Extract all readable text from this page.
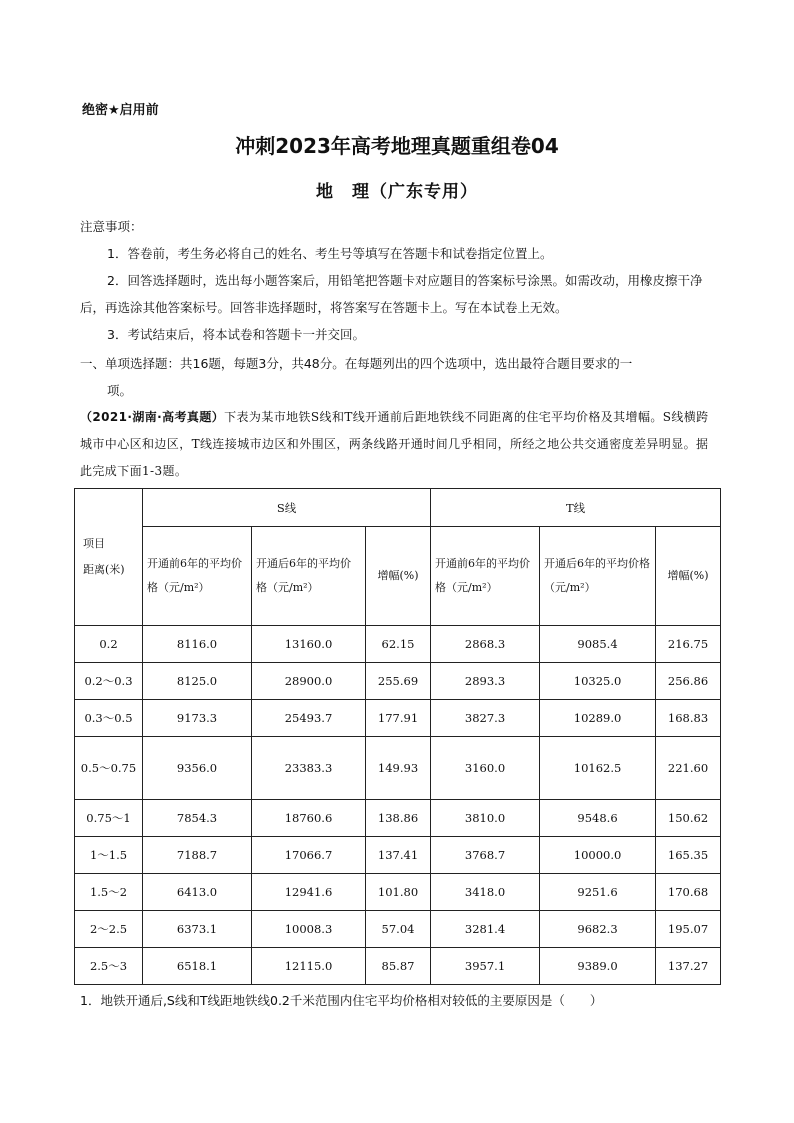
绝密★启用前
冲刺2023年高考地理真题重组卷04
地　理（广东专用）
注意事项：

1．答卷前，考生务必将自己的姓名、考生号等填写在答题卡和试卷指定位置上。

2．回答选择题时，选出每小题答案后，用铅笔把答题卡对应题目的答案标号涂黑。如需改动，用橡皮擦干净后，再选涂其他答案标号。回答非选择题时，将答案写在答题卡上。写在本试卷上无效。

3．考试结束后，将本试卷和答题卡一并交回。

一、单项选择题：共16题，每题3分，共48分。在每题列出的四个选项中，选出最符合题目要求的一
项。
（2021·湖南·高考真题）下表为某市地铁S线和T线开通前后距地铁线不同距离的住宅平均价格及其增幅。S线横跨城市中心区和边区，T线连接城市边区和外围区，两条线路开通时间几乎相同，所经之地公共交通密度差异明显。据此完成下面1-3题。
项目
距离(米)	S线			T线		
	开通前6年的平均价格（元/m²）	开通后6年的平均价格（元/m²）	增幅(%)	开通前6年的平均价格（元/m²）	开通后6年的平均价格（元/m²）	增幅(%)
0.2	8116.0	13160.0	62.15	2868.3	9085.4	216.75
0.2～0.3	8125.0	28900.0	255.69	2893.3	10325.0	256.86
0.3～0.5	9173.3	25493.7	177.91	3827.3	10289.0	168.83
0.5～0.75	9356.0	23383.3	149.93	3160.0	10162.5	221.60
0.75～1	7854.3	18760.6	138.86	3810.0	9548.6	150.62
1～1.5	7188.7	17066.7	137.41	3768.7	10000.0	165.35
1.5～2	6413.0	12941.6	101.80	3418.0	9251.6	170.68
2～2.5	6373.1	10008.3	57.04	3281.4	9682.3	195.07
2.5～3	6518.1	12115.0	85.87	3957.1	9389.0	137.27
1．地铁开通后,S线和T线距地铁线0.2千米范围内住宅平均价格相对较低的主要原因是（　　）
